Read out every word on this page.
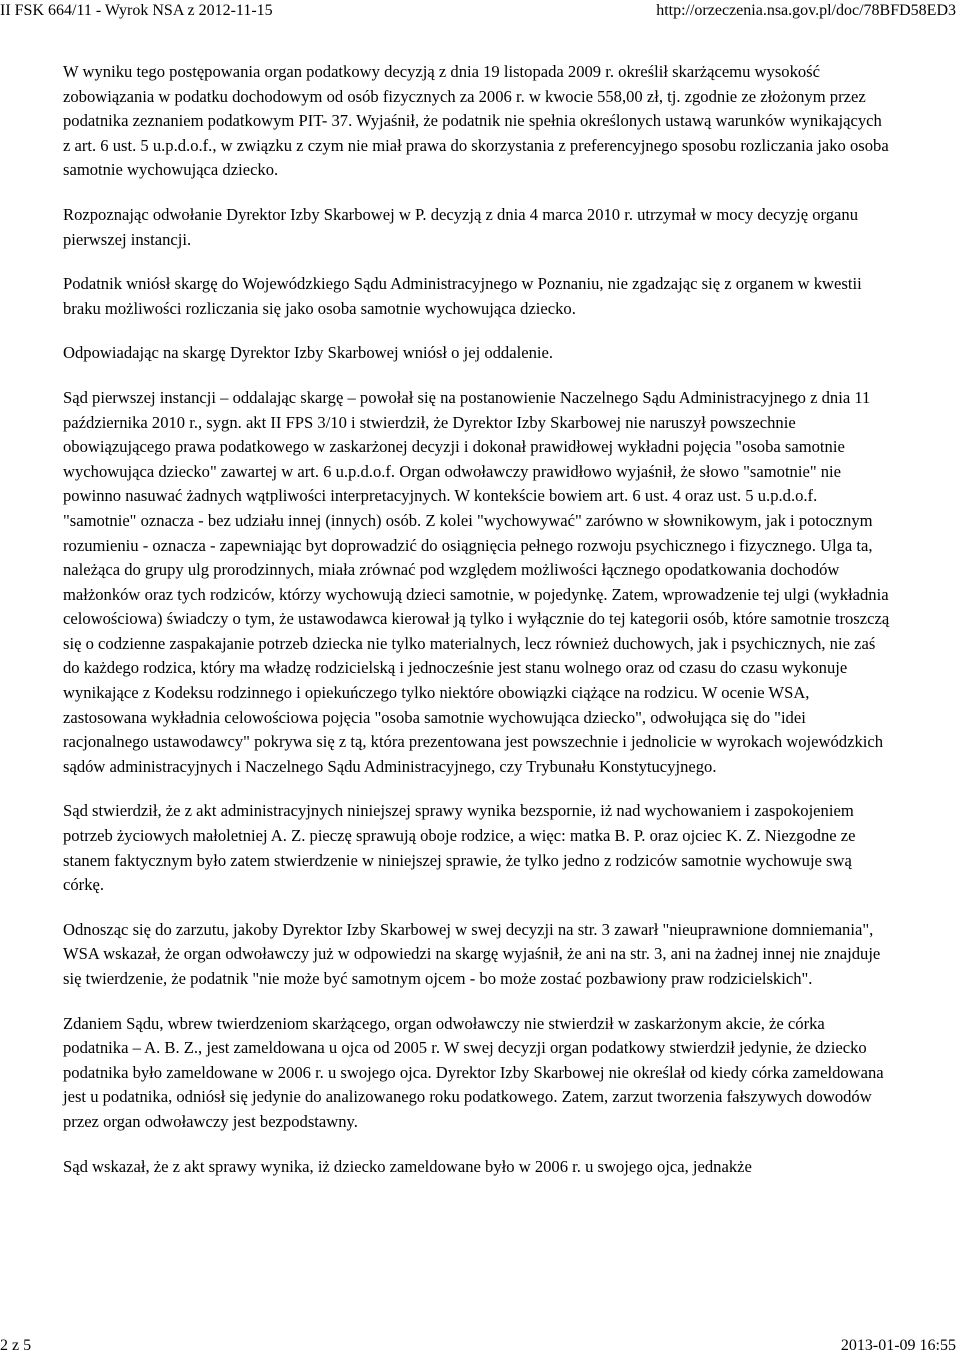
II FSK 664/11 - Wyrok NSA z 2012-11-15	http://orzeczenia.nsa.gov.pl/doc/78BFD58ED3

W wyniku tego postępowania organ podatkowy decyzją z dnia 19 listopada 2009 r. określił skarżącemu wysokość zobowiązania w podatku dochodowym od osób fizycznych za 2006 r. w kwocie 558,00 zł, tj. zgodnie ze złożonym przez podatnika zeznaniem podatkowym PIT- 37. Wyjaśnił, że podatnik nie spełnia określonych ustawą warunków wynikających z art. 6 ust. 5 u.p.d.o.f., w związku z czym nie miał prawa do skorzystania z preferencyjnego sposobu rozliczania jako osoba samotnie wychowująca dziecko.

Rozpoznając odwołanie Dyrektor Izby Skarbowej w P. decyzją z dnia 4 marca 2010 r. utrzymał w mocy decyzję organu pierwszej instancji.

Podatnik wniósł skargę do Wojewódzkiego Sądu Administracyjnego w Poznaniu, nie zgadzając się z organem w kwestii braku możliwości rozliczania się jako osoba samotnie wychowująca dziecko.

Odpowiadając na skargę Dyrektor Izby Skarbowej wniósł o jej oddalenie.

Sąd pierwszej instancji – oddalając skargę – powołał się na postanowienie Naczelnego Sądu Administracyjnego z dnia 11 października 2010 r., sygn. akt II FPS 3/10 i stwierdził, że Dyrektor Izby Skarbowej nie naruszył powszechnie obowiązującego prawa podatkowego w zaskarżonej decyzji i dokonał prawidłowej wykładni pojęcia "osoba samotnie wychowująca dziecko" zawartej w art. 6 u.p.d.o.f. Organ odwoławczy prawidłowo wyjaśnił, że słowo "samotnie" nie powinno nasuwać żadnych wątpliwości interpretacyjnych. W kontekście bowiem art. 6 ust. 4 oraz ust. 5 u.p.d.o.f. "samotnie" oznacza - bez udziału innej (innych) osób. Z kolei "wychowywać" zarówno w słownikowym, jak i potocznym rozumieniu - oznacza - zapewniając byt doprowadzić do osiągnięcia pełnego rozwoju psychicznego i fizycznego. Ulga ta, należąca do grupy ulg prorodzinnych, miała zrównać pod względem możliwości łącznego opodatkowania dochodów małżonków oraz tych rodziców, którzy wychowują dzieci samotnie, w pojedynkę. Zatem, wprowadzenie tej ulgi (wykładnia celowościowa) świadczy o tym, że ustawodawca kierował ją tylko i wyłącznie do tej kategorii osób, które samotnie troszczą się o codzienne zaspakajanie potrzeb dziecka nie tylko materialnych, lecz również duchowych, jak i psychicznych, nie zaś do każdego rodzica, który ma władzę rodzicielską i jednocześnie jest stanu wolnego oraz od czasu do czasu wykonuje wynikające z Kodeksu rodzinnego i opiekuńczego tylko niektóre obowiązki ciążące na rodzicu. W ocenie WSA, zastosowana wykładnia celowościowa pojęcia "osoba samotnie wychowująca dziecko", odwołująca się do "idei racjonalnego ustawodawcy" pokrywa się z tą, która prezentowana jest powszechnie i jednolicie w wyrokach wojewódzkich sądów administracyjnych i Naczelnego Sądu Administracyjnego, czy Trybunału Konstytucyjnego.

Sąd stwierdził, że z akt administracyjnych niniejszej sprawy wynika bezspornie, iż nad wychowaniem i zaspokojeniem potrzeb życiowych małoletniej A. Z. pieczę sprawują oboje rodzice, a więc: matka B. P. oraz ojciec K. Z. Niezgodne ze stanem faktycznym było zatem stwierdzenie w niniejszej sprawie, że tylko jedno z rodziców samotnie wychowuje swą córkę.

Odnosząc się do zarzutu, jakoby Dyrektor Izby Skarbowej w swej decyzji na str. 3 zawarł "nieuprawnione domniemania", WSA wskazał, że organ odwoławczy już w odpowiedzi na skargę wyjaśnił, że ani na str. 3, ani na żadnej innej nie znajduje się twierdzenie, że podatnik "nie może być samotnym ojcem - bo może zostać pozbawiony praw rodzicielskich".

Zdaniem Sądu, wbrew twierdzeniom skarżącego, organ odwoławczy nie stwierdził w zaskarżonym akcie, że córka podatnika – A. B. Z., jest zameldowana u ojca od 2005 r. W swej decyzji organ podatkowy stwierdził jedynie, że dziecko podatnika było zameldowane w 2006 r. u swojego ojca. Dyrektor Izby Skarbowej nie określał od kiedy córka zameldowana jest u podatnika, odniósł się jedynie do analizowanego roku podatkowego. Zatem, zarzut tworzenia fałszywych dowodów przez organ odwoławczy jest bezpodstawny.

Sąd wskazał, że z akt sprawy wynika, iż dziecko zameldowane było w 2006 r. u swojego ojca, jednakże

2 z 5	2013-01-09 16:55
